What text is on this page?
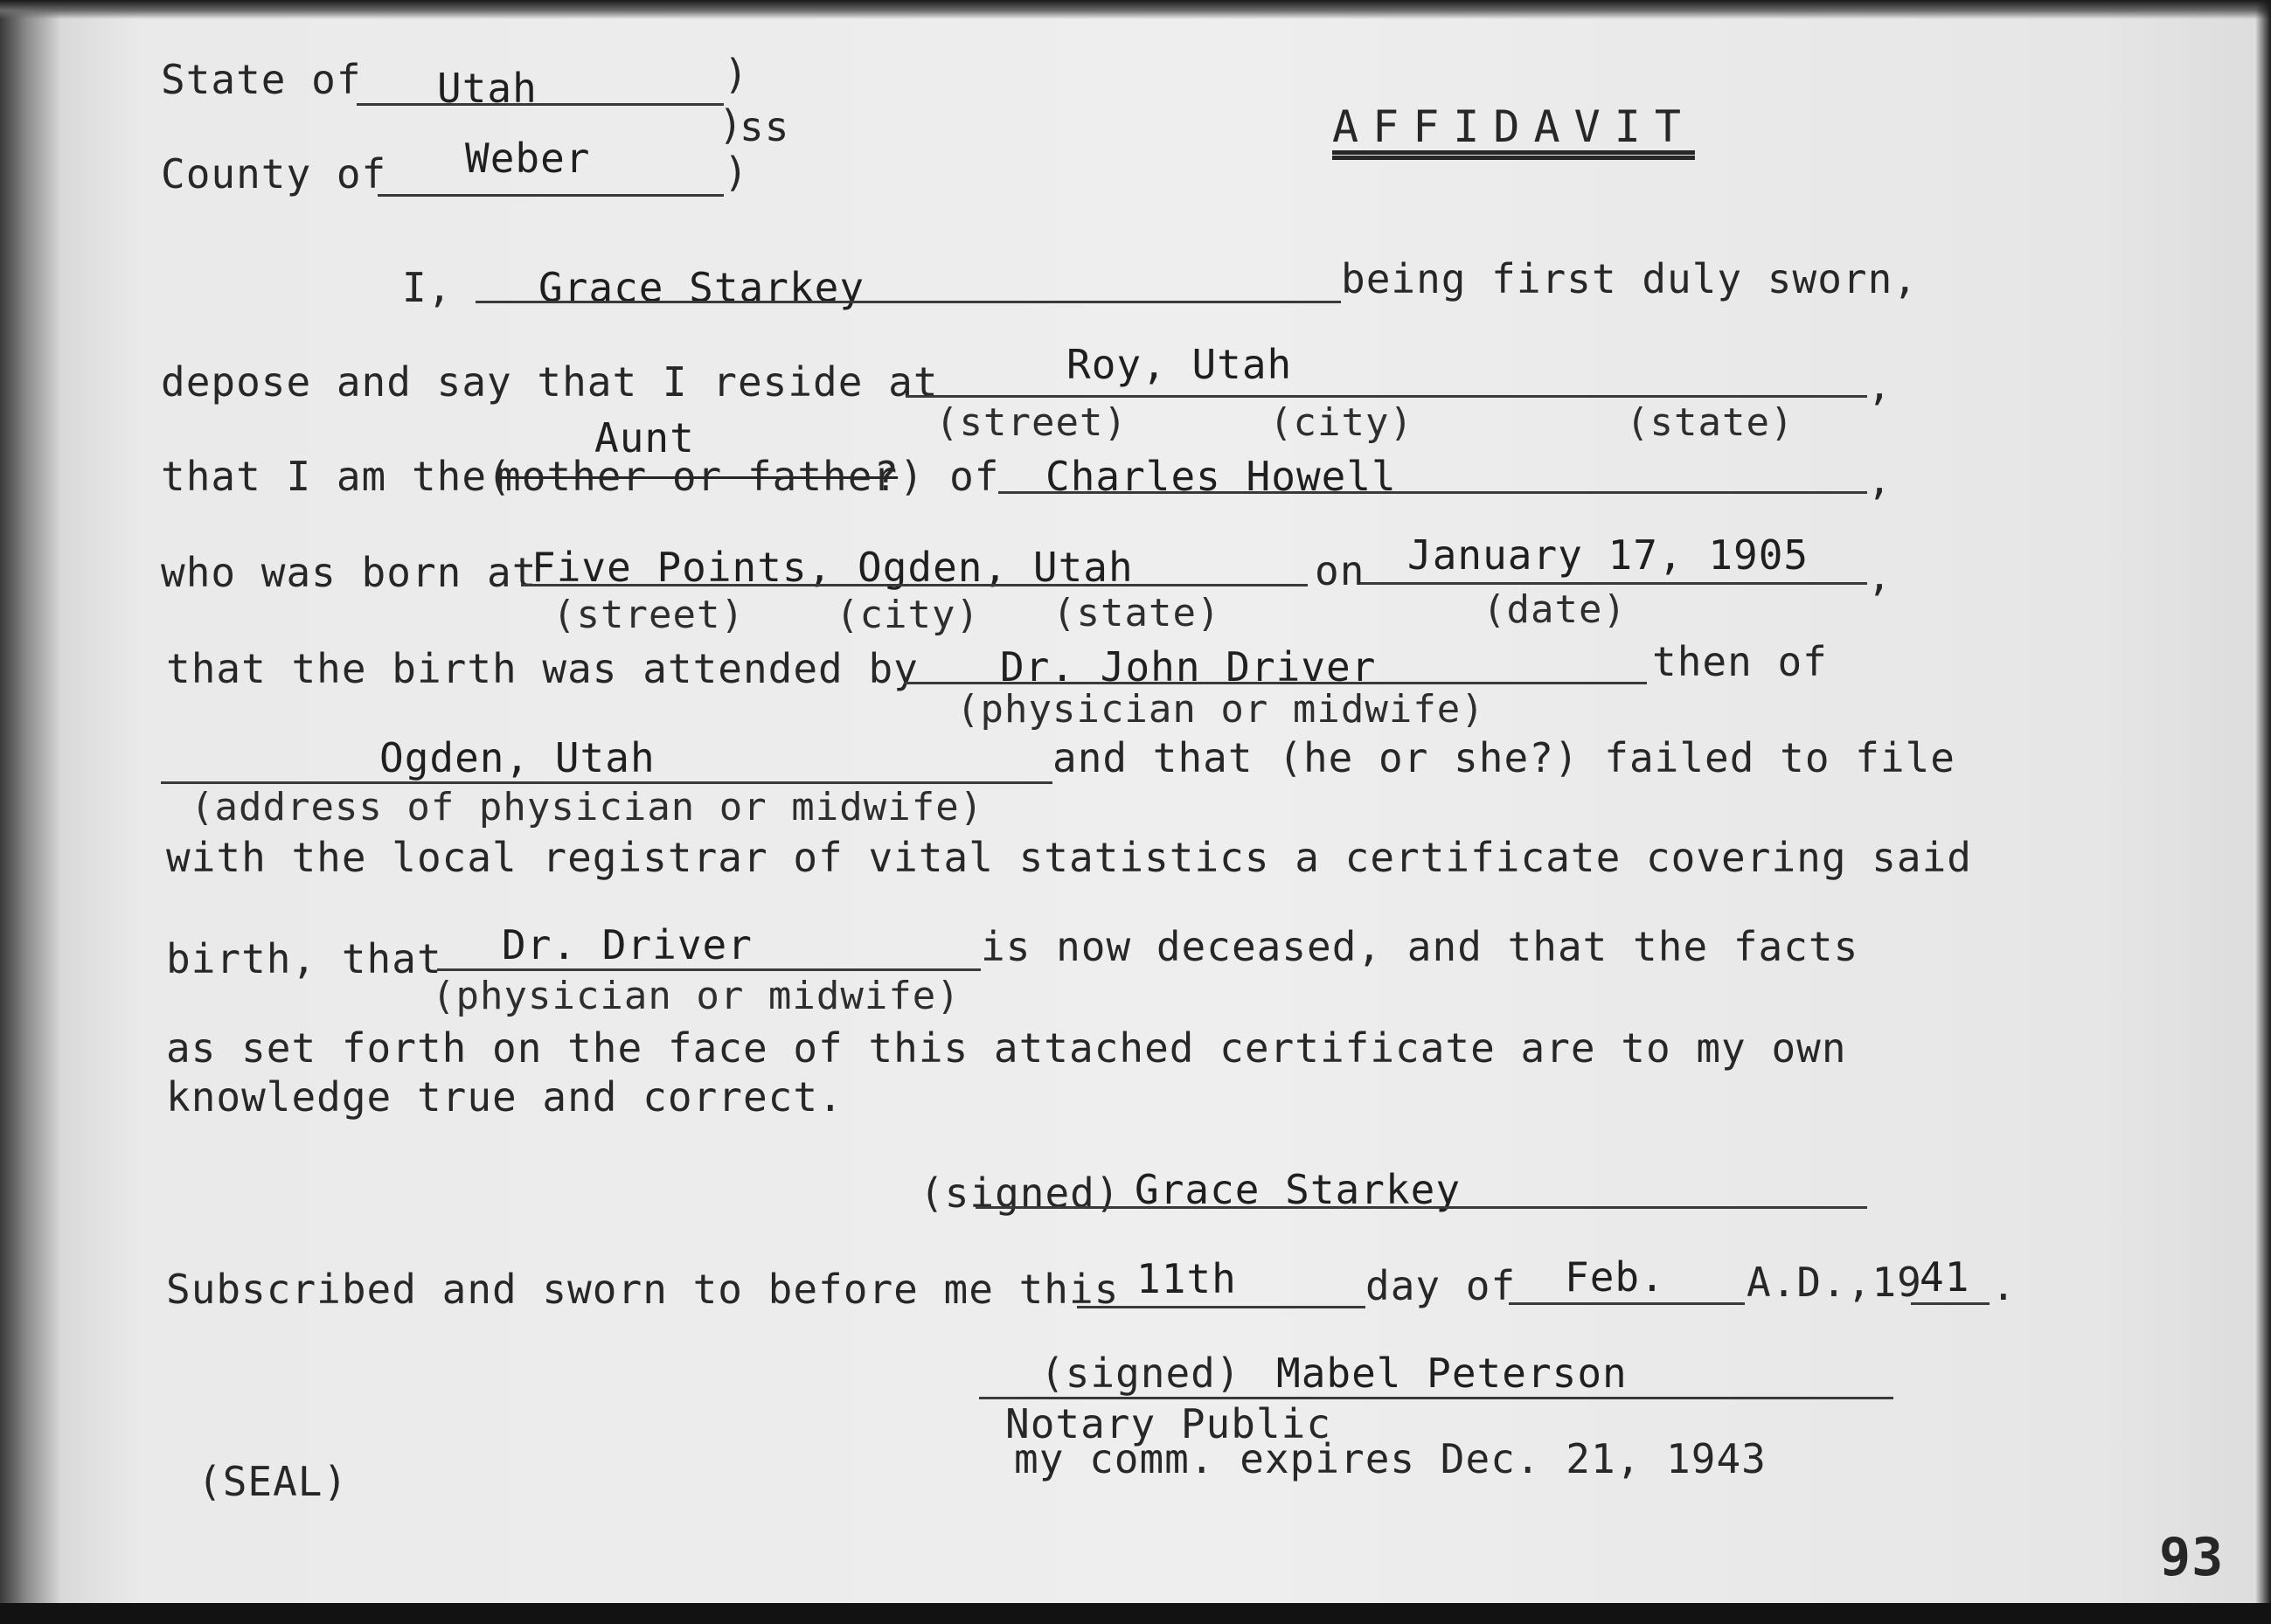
State of Utah	)
County of Weber	)
)
ss	AFFIDAVIT
I, Grace Starkey	being first duly sworn,
depose and say that I reside at	Roy, Utah	,
(street)	(city)	(state)
Aunt
that I am the(
mother or father
?) of Charles Howell	,
who was born at
Five Points, Ogden, Utah	on January 17, 1905 ,
(street) (city) (state)	(date)
that the birth was attended by Dr. John Driver	then of
(physician or midwife)
Ogden, Utah	and that (he or she?) failed to file
(address of physician or midwife)
with the local registrar of vital statistics a certificate covering said
birth, that Dr. Driver	is now deceased, and that the facts
(physician or midwife)
as set forth on the face of this attached certificate are to my own
knowledge true and correct.
(signed) Grace Starkey
Subscribed and sworn to before me this 11th	day of Feb. A.D.,19
41 .
(signed) Mabel Peterson
Notary Public
my comm. expires Dec. 21, 1943
(SEAL)
93
